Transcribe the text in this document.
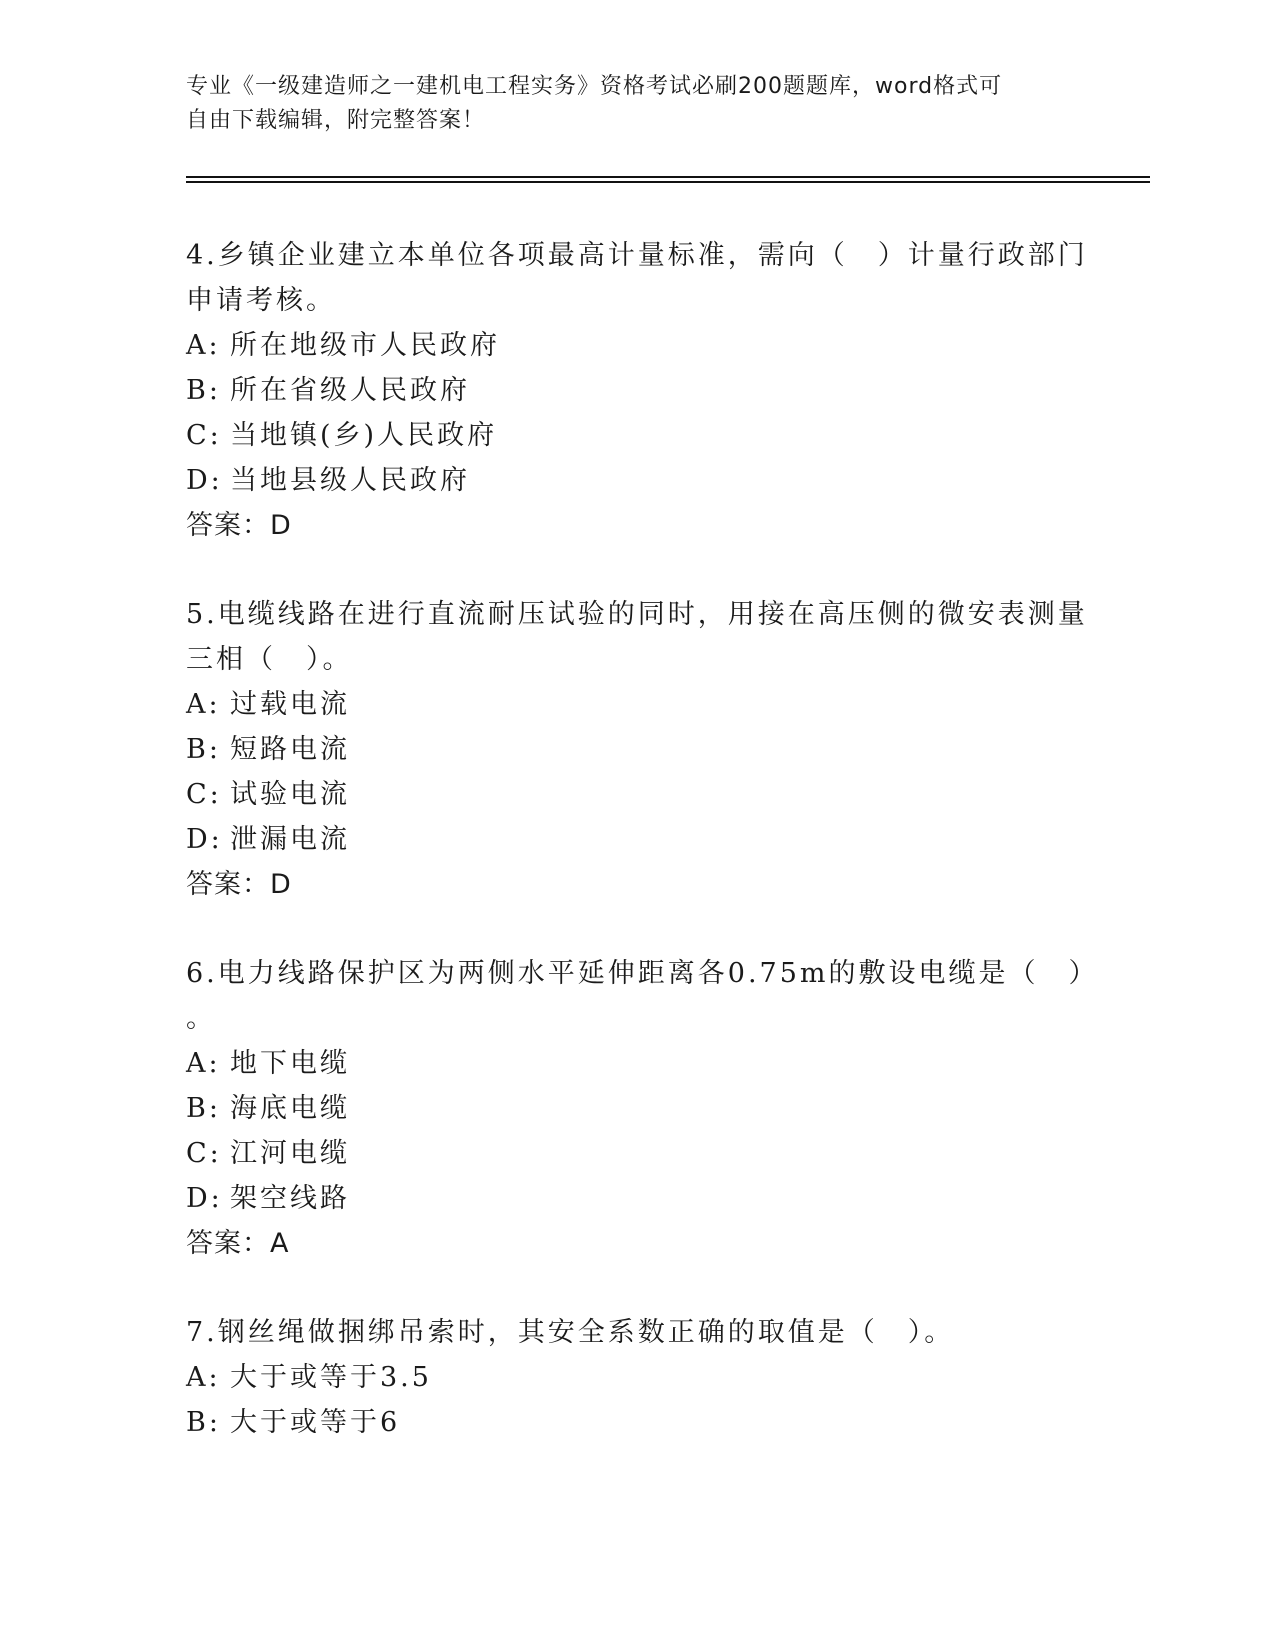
专业《一级建造师之一建机电工程实务》资格考试必刷200题题库，word格式可

自由下载编辑，附完整答案！

4.乡镇企业建立本单位各项最高计量标准，需向（　）计量行政部门
申请考核。

A: 所在地级市人民政府

B: 所在省级人民政府

C: 当地镇(乡)人民政府

D: 当地县级人民政府

答案：D

5.电缆线路在进行直流耐压试验的同时，用接在高压侧的微安表测量
三相（　）。

A: 过载电流

B: 短路电流

C: 试验电流

D: 泄漏电流

答案：D

6.电力线路保护区为两侧水平延伸距离各0.75m的敷设电缆是（　）
。

A: 地下电缆

B: 海底电缆

C: 江河电缆

D: 架空线路

答案：A

7.钢丝绳做捆绑吊索时，其安全系数正确的取值是（　）。

A: 大于或等于3.5

B: 大于或等于6
